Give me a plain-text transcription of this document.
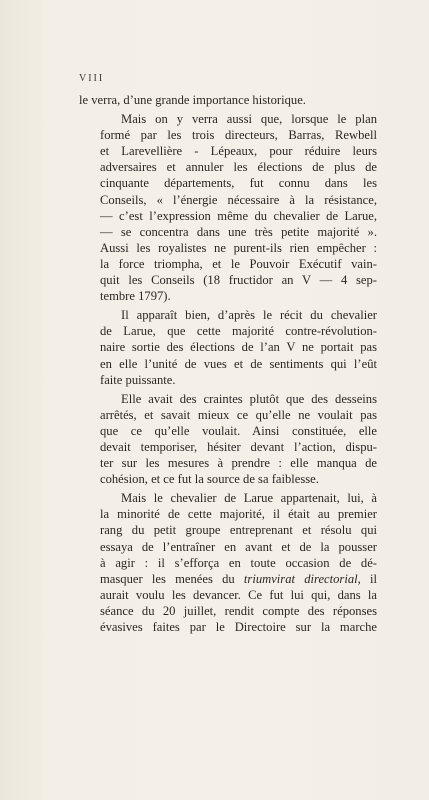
VIII

le verra, d’une grande importance historique.

Mais on y verra aussi que, lorsque le plan
formé par les trois directeurs, Barras, Rewbell
et Larevellière - Lépeaux, pour réduire leurs
adversaires et annuler les élections de plus de
cinquante départements, fut connu dans les
Conseils, « l’énergie nécessaire à la résistance,
— c’est l’expression même du chevalier de Larue,
— se concentra dans une très petite majorité ».
Aussi les royalistes ne purent-ils rien empêcher :
la force triompha, et le Pouvoir Exécutif vain-
quit les Conseils (18 fructidor an V — 4 sep-
tembre 1797).

Il apparaît bien, d’après le récit du chevalier
de Larue, que cette majorité contre-révolution-
naire sortie des élections de l’an V ne portait pas
en elle l’unité de vues et de sentiments qui l’eût
faite puissante.

Elle avait des craintes plutôt que des desseins
arrêtés, et savait mieux ce qu’elle ne voulait pas
que ce qu’elle voulait. Ainsi constituée, elle
devait temporiser, hésiter devant l’action, dispu-
ter sur les mesures à prendre : elle manqua de
cohésion, et ce fut la source de sa faiblesse.

Mais le chevalier de Larue appartenait, lui, à
la minorité de cette majorité, il était au premier
rang du petit groupe entreprenant et résolu qui
essaya de l’entraîner en avant et de la pousser
à agir : il s’efforça en toute occasion de dé-
masquer les menées du triumvirat directorial, il
aurait voulu les devancer. Ce fut lui qui, dans la
séance du 20 juillet, rendit compte des réponses
évasives faites par le Directoire sur la marche
